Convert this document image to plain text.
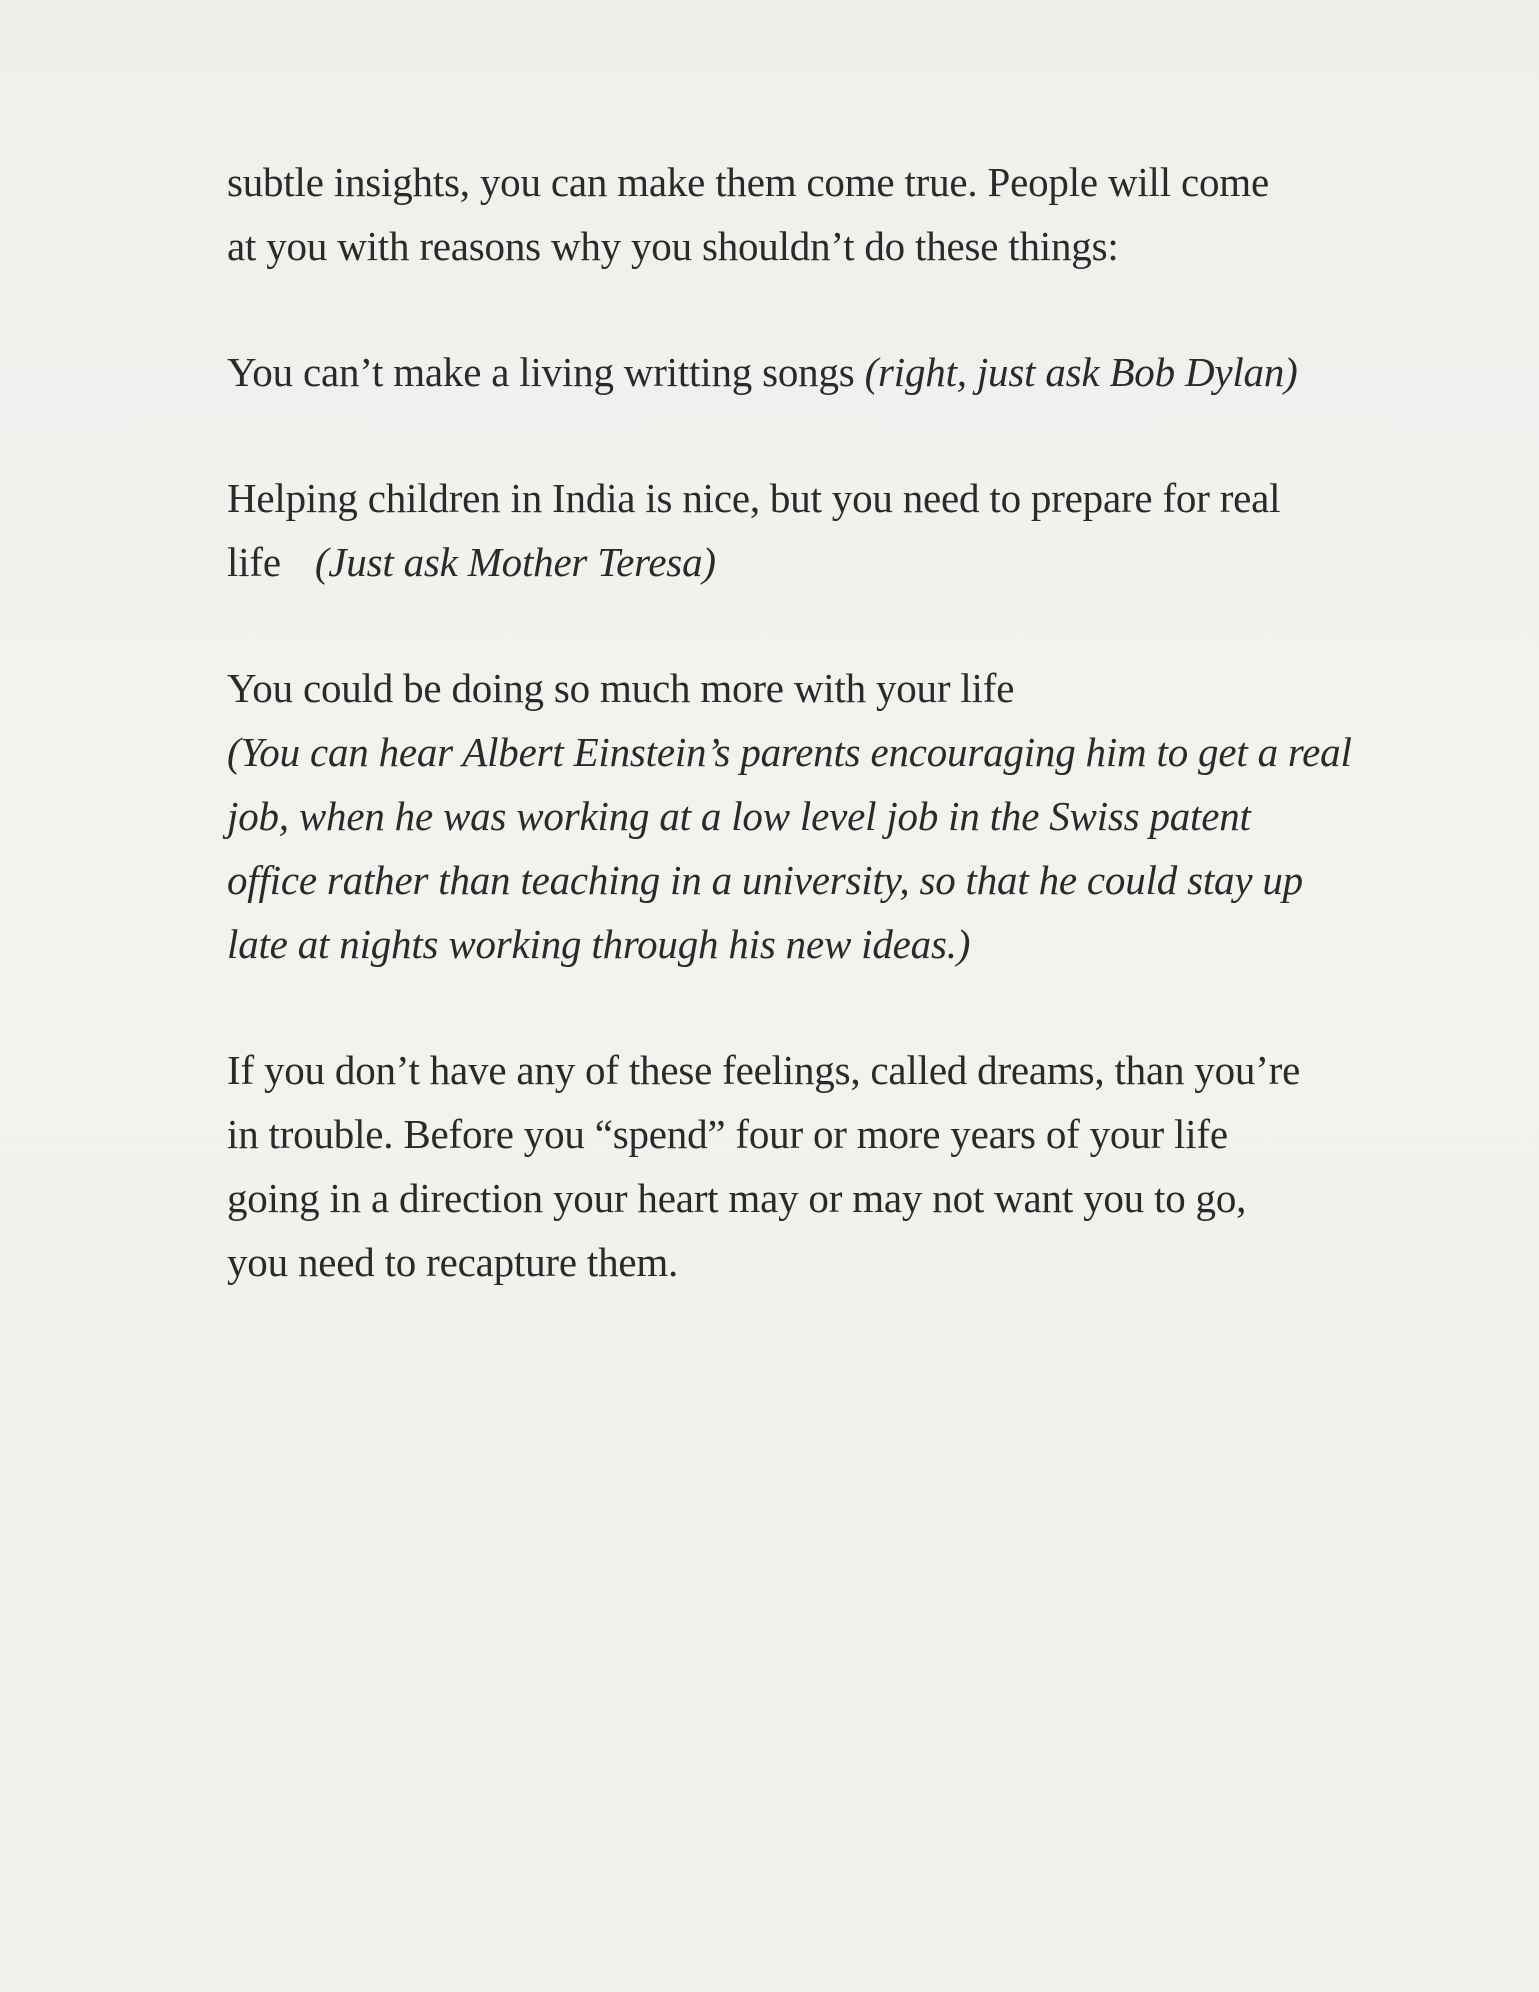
subtle insights, you can make them come true. People will come
at you with reasons why you shouldn’t do these things:

You can’t make a living writting songs (right, just ask Bob Dylan)

Helping children in India is nice, but you need to prepare for real
life (Just ask Mother Teresa)

You could be doing so much more with your life
(You can hear Albert Einstein’s parents encouraging him to get a real
job, when he was working at a low level job in the Swiss patent
office rather than teaching in a university, so that he could stay up
late at nights working through his new ideas.)

If you don’t have any of these feelings, called dreams, than you’re
in trouble. Before you “spend” four or more years of your life
going in a direction your heart may or may not want you to go,
you need to recapture them.
